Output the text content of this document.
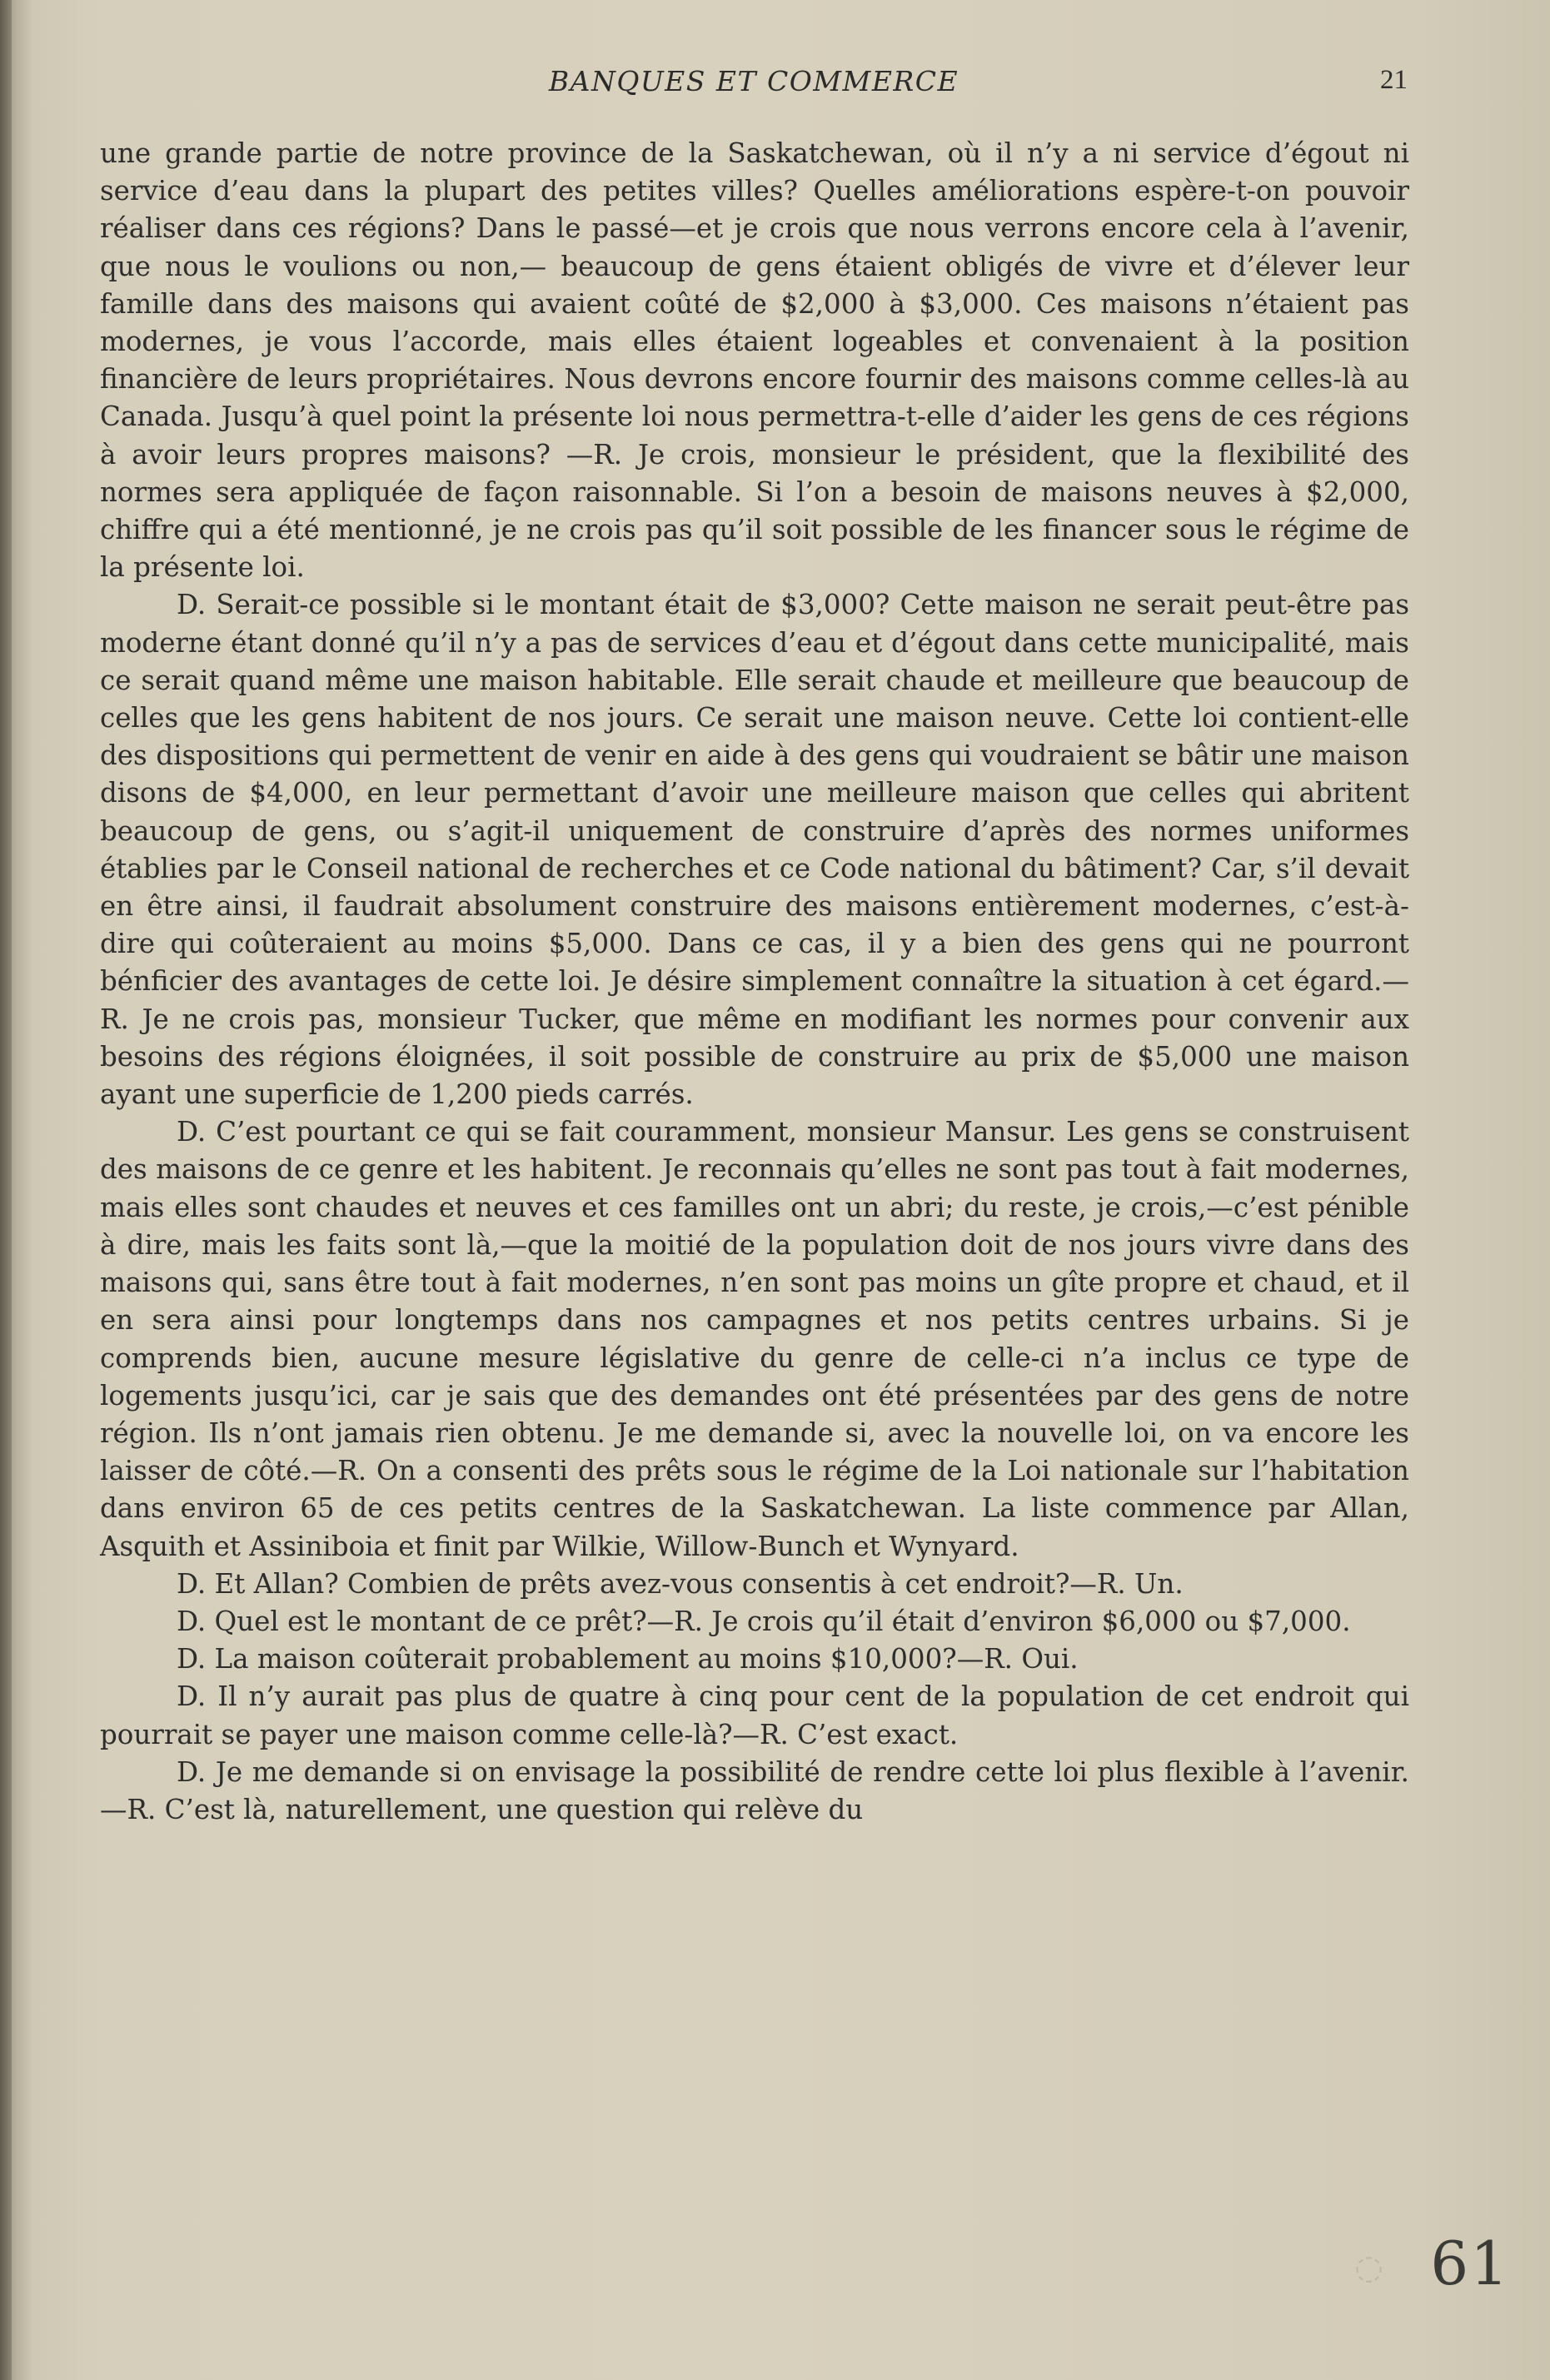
BANQUES ET COMMERCE	21

une grande partie de notre province de la Saskatchewan, où il n’y a ni service d’égout ni service d’eau dans la plupart des petites villes? Quelles améliorations espère-t-on pouvoir réaliser dans ces régions? Dans le passé—et je crois que nous verrons encore cela à l’avenir, que nous le voulions ou non,— beaucoup de gens étaient obligés de vivre et d’élever leur famille dans des maisons qui avaient coûté de $2,000 à $3,000. Ces maisons n’étaient pas modernes, je vous l’accorde, mais elles étaient logeables et convenaient à la position financière de leurs propriétaires. Nous devrons encore fournir des maisons comme celles-là au Canada. Jusqu’à quel point la présente loi nous permettra-t-elle d’aider les gens de ces régions à avoir leurs propres maisons? —R. Je crois, monsieur le président, que la flexibilité des normes sera appliquée de façon raisonnable. Si l’on a besoin de maisons neuves à $2,000, chiffre qui a été mentionné, je ne crois pas qu’il soit possible de les financer sous le régime de la présente loi.

D. Serait-ce possible si le montant était de $3,000? Cette maison ne serait peut-être pas moderne étant donné qu’il n’y a pas de services d’eau et d’égout dans cette municipalité, mais ce serait quand même une maison habitable. Elle serait chaude et meilleure que beaucoup de celles que les gens habitent de nos jours. Ce serait une maison neuve. Cette loi contient-elle des dispositions qui permettent de venir en aide à des gens qui voudraient se bâtir une maison disons de $4,000, en leur permettant d’avoir une meilleure maison que celles qui abritent beaucoup de gens, ou s’agit-il uniquement de construire d’après des normes uniformes établies par le Conseil national de recherches et ce Code national du bâtiment? Car, s’il devait en être ainsi, il faudrait absolument construire des maisons entièrement modernes, c’est-à-dire qui coûteraient au moins $5,000. Dans ce cas, il y a bien des gens qui ne pourront bénficier des avantages de cette loi. Je désire simplement connaître la situation à cet égard.—R. Je ne crois pas, monsieur Tucker, que même en modifiant les normes pour convenir aux besoins des régions éloignées, il soit possible de construire au prix de $5,000 une maison ayant une superficie de 1,200 pieds carrés.

D. C’est pourtant ce qui se fait couramment, monsieur Mansur. Les gens se construisent des maisons de ce genre et les habitent. Je reconnais qu’elles ne sont pas tout à fait modernes, mais elles sont chaudes et neuves et ces familles ont un abri; du reste, je crois,—c’est pénible à dire, mais les faits sont là,—que la moitié de la population doit de nos jours vivre dans des maisons qui, sans être tout à fait modernes, n’en sont pas moins un gîte propre et chaud, et il en sera ainsi pour longtemps dans nos campagnes et nos petits centres urbains. Si je comprends bien, aucune mesure législative du genre de celle-ci n’a inclus ce type de logements jusqu’ici, car je sais que des demandes ont été présentées par des gens de notre région. Ils n’ont jamais rien obtenu. Je me demande si, avec la nouvelle loi, on va encore les laisser de côté.—R. On a consenti des prêts sous le régime de la Loi nationale sur l’habitation dans environ 65 de ces petits centres de la Saskatchewan. La liste commence par Allan, Asquith et Assiniboia et finit par Wilkie, Willow-Bunch et Wynyard.

D. Et Allan? Combien de prêts avez-vous consentis à cet endroit?—R. Un.

D. Quel est le montant de ce prêt?—R. Je crois qu’il était d’environ $6,000 ou $7,000.

D. La maison coûterait probablement au moins $10,000?—R. Oui.

D. Il n’y aurait pas plus de quatre à cinq pour cent de la population de cet endroit qui pourrait se payer une maison comme celle-là?—R. C’est exact.

D. Je me demande si on envisage la possibilité de rendre cette loi plus flexible à l’avenir.—R. C’est là, naturellement, une question qui relève du

◌ 61
